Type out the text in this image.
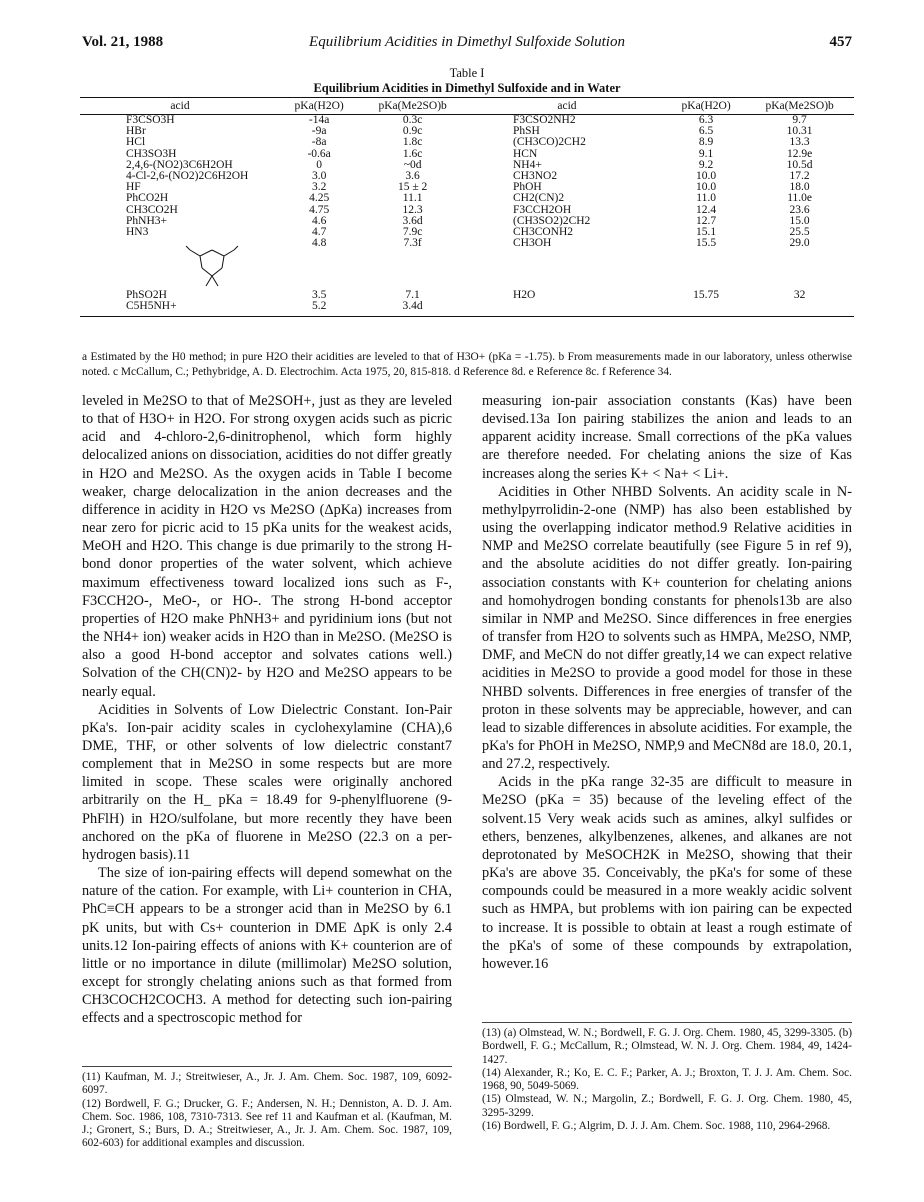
Vol. 21, 1988	Equilibrium Acidities in Dimethyl Sulfoxide Solution	457
Table I
Equilibrium Acidities in Dimethyl Sulfoxide and in Water
acid	pKa(H2O)	pKa(Me2SO)b	acid	pKa(H2O)	pKa(Me2SO)b
F3CSO3H	-14a	0.3c	F3CSO2NH2	6.3	9.7
HBr	-9a	0.9c	PhSH	6.5	10.31
HCl	-8a	1.8c	(CH3CO)2CH2	8.9	13.3
CH3SO3H	-0.6a	1.6c	HCN	9.1	12.9e
2,4,6-(NO2)3C6H2OH	0	~0d	NH4+	9.2	10.5d
4-Cl-2,6-(NO2)2C6H2OH	3.0	3.6	CH3NO2	10.0	17.2
HF	3.2	15 ± 2	PhOH	10.0	18.0
PhCO2H	4.25	11.1	CH2(CN)2	11.0	11.0e
CH3CO2H	4.75	12.3	F3CCH2OH	12.4	23.6
PhNH3+	4.6	3.6d	(CH3SO2)2CH2	12.7	15.0
HN3	4.7	7.9c	CH3CONH2	15.1	25.5

	4.8	7.3f	CH3OH	15.5	29.0
PhSO2H	3.5	7.1	H2O	15.75	32
C5H5NH+	5.2	3.4d			
a Estimated by the H0 method; in pure H2O their acidities are leveled to that of H3O+ (pKa = -1.75). b From measurements made in our laboratory, unless otherwise noted. c McCallum, C.; Pethybridge, A. D. Electrochim. Acta 1975, 20, 815-818. d Reference 8d. e Reference 8c. f Reference 34.

leveled in Me2SO to that of Me2SOH+, just as they are leveled to that of H3O+ in H2O. For strong oxygen acids such as picric acid and 4-chloro-2,6-dinitrophenol, which form highly delocalized anions on dissociation, acidities do not differ greatly in H2O and Me2SO. As the oxygen acids in Table I become weaker, charge delocalization in the anion decreases and the difference in acidity in H2O vs Me2SO (ΔpKa) increases from near zero for picric acid to 15 pKa units for the weakest acids, MeOH and H2O. This change is due primarily to the strong H-bond donor properties of the water solvent, which achieve maximum effectiveness toward localized ions such as F-, F3CCH2O-, MeO-, or HO-. The strong H-bond acceptor properties of H2O make PhNH3+ and pyridinium ions (but not the NH4+ ion) weaker acids in H2O than in Me2SO. (Me2SO is also a good H-bond acceptor and solvates cations well.) Solvation of the CH(CN)2- by H2O and Me2SO appears to be nearly equal.

Acidities in Solvents of Low Dielectric Constant. Ion-Pair pKa's. Ion-pair acidity scales in cyclohexylamine (CHA),6 DME, THF, or other solvents of low dielectric constant7 complement that in Me2SO in some respects but are more limited in scope. These scales were originally anchored arbitrarily on the H_ pKa = 18.49 for 9-phenylfluorene (9-PhFlH) in H2O/sulfolane, but more recently they have been anchored on the pKa of fluorene in Me2SO (22.3 on a per-hydrogen basis).11

The size of ion-pairing effects will depend somewhat on the nature of the cation. For example, with Li+ counterion in CHA, PhC≡CH appears to be a stronger acid than in Me2SO by 6.1 pK units, but with Cs+ counterion in DME ΔpK is only 2.4 units.12 Ion-pairing effects of anions with K+ counterion are of little or no importance in dilute (millimolar) Me2SO solution, except for strongly chelating anions such as that formed from CH3COCH2COCH3. A method for detecting such ion-pairing effects and a spectroscopic method for

measuring ion-pair association constants (Kas) have been devised.13a Ion pairing stabilizes the anion and leads to an apparent acidity increase. Small corrections of the pKa values are therefore needed. For chelating anions the size of Kas increases along the series K+ < Na+ < Li+.

Acidities in Other NHBD Solvents. An acidity scale in N-methylpyrrolidin-2-one (NMP) has also been established by using the overlapping indicator method.9 Relative acidities in NMP and Me2SO correlate beautifully (see Figure 5 in ref 9), and the absolute acidities do not differ greatly. Ion-pairing association constants with K+ counterion for chelating anions and homohydrogen bonding constants for phenols13b are also similar in NMP and Me2SO. Since differences in free energies of transfer from H2O to solvents such as HMPA, Me2SO, NMP, DMF, and MeCN do not differ greatly,14 we can expect relative acidities in Me2SO to provide a good model for those in these NHBD solvents. Differences in free energies of transfer of the proton in these solvents may be appreciable, however, and can lead to sizable differences in absolute acidities. For example, the pKa's for PhOH in Me2SO, NMP,9 and MeCN8d are 18.0, 20.1, and 27.2, respectively.

Acids in the pKa range 32-35 are difficult to measure in Me2SO (pKa = 35) because of the leveling effect of the solvent.15 Very weak acids such as amines, alkyl sulfides or ethers, benzenes, alkylbenzenes, alkenes, and alkanes are not deprotonated by MeSOCH2K in Me2SO, showing that their pKa's are above 35. Conceivably, the pKa's for some of these compounds could be measured in a more weakly acidic solvent such as HMPA, but problems with ion pairing can be expected to increase. It is possible to obtain at least a rough estimate of the pKa's of some of these compounds by extrapolation, however.16

(11) Kaufman, M. J.; Streitwieser, A., Jr. J. Am. Chem. Soc. 1987, 109, 6092-6097.

(12) Bordwell, F. G.; Drucker, G. F.; Andersen, N. H.; Denniston, A. D. J. Am. Chem. Soc. 1986, 108, 7310-7313. See ref 11 and Kaufman et al. (Kaufman, M. J.; Gronert, S.; Burs, D. A.; Streitwieser, A., Jr. J. Am. Chem. Soc. 1987, 109, 602-603) for additional examples and discussion.

(13) (a) Olmstead, W. N.; Bordwell, F. G. J. Org. Chem. 1980, 45, 3299-3305. (b) Bordwell, F. G.; McCallum, R.; Olmstead, W. N. J. Org. Chem. 1984, 49, 1424-1427.

(14) Alexander, R.; Ko, E. C. F.; Parker, A. J.; Broxton, T. J. J. Am. Chem. Soc. 1968, 90, 5049-5069.

(15) Olmstead, W. N.; Margolin, Z.; Bordwell, F. G. J. Org. Chem. 1980, 45, 3295-3299.

(16) Bordwell, F. G.; Algrim, D. J. J. Am. Chem. Soc. 1988, 110, 2964-2968.
